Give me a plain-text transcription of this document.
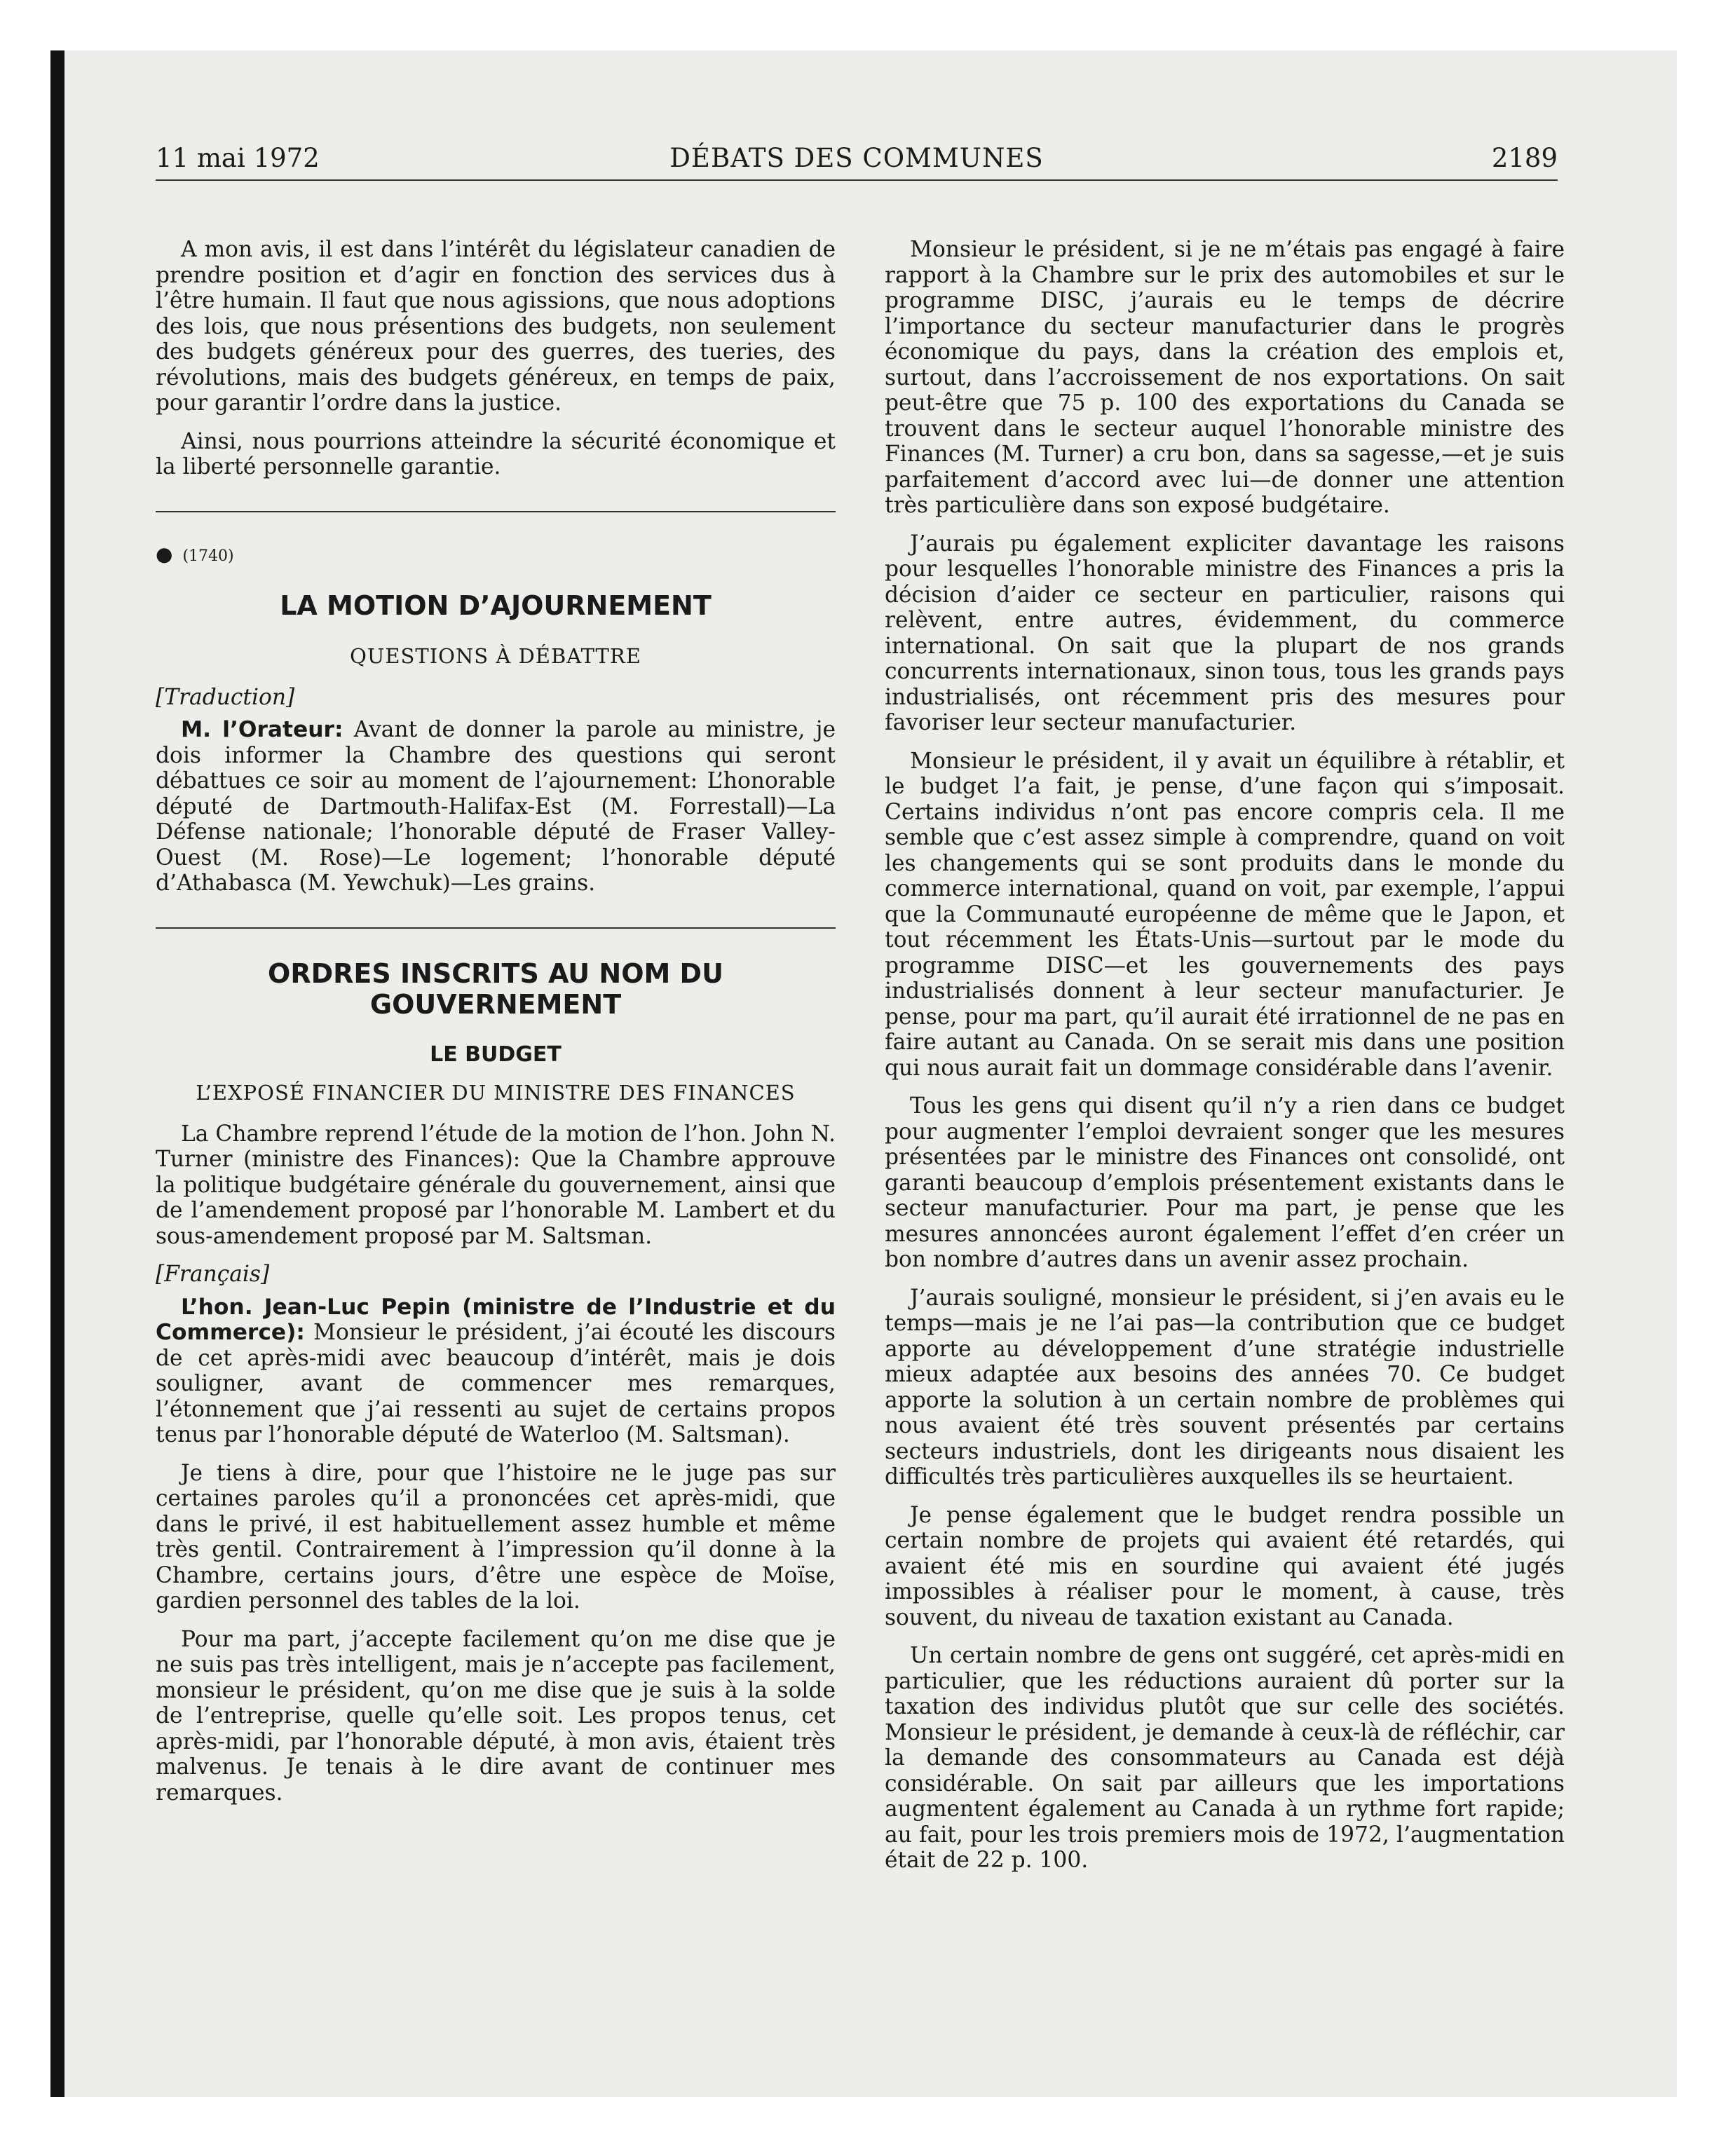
11 mai 1972	DÉBATS DES COMMUNES	2189

A mon avis, il est dans l’intérêt du législateur canadien de prendre position et d’agir en fonction des services dus à l’être humain. Il faut que nous agissions, que nous adoptions des lois, que nous présentions des budgets, non seulement des budgets généreux pour des guerres, des tueries, des révolutions, mais des budgets généreux, en temps de paix, pour garantir l’ordre dans la justice.

Ainsi, nous pourrions atteindre la sécurité économique et la liberté personnelle garantie.

● (1740)
LA MOTION D’AJOURNEMENT
QUESTIONS À DÉBATTRE
[Traduction]

M. l’Orateur: Avant de donner la parole au ministre, je dois informer la Chambre des questions qui seront débattues ce soir au moment de l’ajournement: L’honorable député de Dartmouth-Halifax-Est (M. Forrestall)—La Défense nationale; l’honorable député de Fraser Valley-Ouest (M. Rose)—Le logement; l’honorable député d’Athabasca (M. Yewchuk)—Les grains.

ORDRES INSCRITS AU NOM DU
GOUVERNEMENT
LE BUDGET
L’EXPOSÉ FINANCIER DU MINISTRE DES FINANCES

La Chambre reprend l’étude de la motion de l’hon. John N. Turner (ministre des Finances): Que la Chambre approuve la politique budgétaire générale du gouvernement, ainsi que de l’amendement proposé par l’honorable M. Lambert et du sous-amendement proposé par M. Saltsman.

[Français]

L’hon. Jean-Luc Pepin (ministre de l’Industrie et du Commerce): Monsieur le président, j’ai écouté les discours de cet après-midi avec beaucoup d’intérêt, mais je dois souligner, avant de commencer mes remarques, l’étonnement que j’ai ressenti au sujet de certains propos tenus par l’honorable député de Waterloo (M. Saltsman).

Je tiens à dire, pour que l’histoire ne le juge pas sur certaines paroles qu’il a prononcées cet après-midi, que dans le privé, il est habituellement assez humble et même très gentil. Contrairement à l’impression qu’il donne à la Chambre, certains jours, d’être une espèce de Moïse, gardien personnel des tables de la loi.

Pour ma part, j’accepte facilement qu’on me dise que je ne suis pas très intelligent, mais je n’accepte pas facilement, monsieur le président, qu’on me dise que je suis à la solde de l’entreprise, quelle qu’elle soit. Les propos tenus, cet après-midi, par l’honorable député, à mon avis, étaient très malvenus. Je tenais à le dire avant de continuer mes remarques.

Monsieur le président, si je ne m’étais pas engagé à faire rapport à la Chambre sur le prix des automobiles et sur le programme DISC, j’aurais eu le temps de décrire l’importance du secteur manufacturier dans le progrès économique du pays, dans la création des emplois et, surtout, dans l’accroissement de nos exportations. On sait peut-être que 75 p. 100 des exportations du Canada se trouvent dans le secteur auquel l’honorable ministre des Finances (M. Turner) a cru bon, dans sa sagesse,—et je suis parfaitement d’accord avec lui—de donner une attention très particulière dans son exposé budgétaire.

J’aurais pu également expliciter davantage les raisons pour lesquelles l’honorable ministre des Finances a pris la décision d’aider ce secteur en particulier, raisons qui relèvent, entre autres, évidemment, du commerce international. On sait que la plupart de nos grands concurrents internationaux, sinon tous, tous les grands pays industrialisés, ont récemment pris des mesures pour favoriser leur secteur manufacturier.

Monsieur le président, il y avait un équilibre à rétablir, et le budget l’a fait, je pense, d’une façon qui s’imposait. Certains individus n’ont pas encore compris cela. Il me semble que c’est assez simple à comprendre, quand on voit les changements qui se sont produits dans le monde du commerce international, quand on voit, par exemple, l’appui que la Communauté européenne de même que le Japon, et tout récemment les États-Unis—surtout par le mode du programme DISC—et les gouvernements des pays industrialisés donnent à leur secteur manufacturier. Je pense, pour ma part, qu’il aurait été irrationnel de ne pas en faire autant au Canada. On se serait mis dans une position qui nous aurait fait un dommage considérable dans l’avenir.

Tous les gens qui disent qu’il n’y a rien dans ce budget pour augmenter l’emploi devraient songer que les mesures présentées par le ministre des Finances ont consolidé, ont garanti beaucoup d’emplois présentement existants dans le secteur manufacturier. Pour ma part, je pense que les mesures annoncées auront également l’effet d’en créer un bon nombre d’autres dans un avenir assez prochain.

J’aurais souligné, monsieur le président, si j’en avais eu le temps—mais je ne l’ai pas—la contribution que ce budget apporte au développement d’une stratégie industrielle mieux adaptée aux besoins des années 70. Ce budget apporte la solution à un certain nombre de problèmes qui nous avaient été très souvent présentés par certains secteurs industriels, dont les dirigeants nous disaient les difficultés très particulières auxquelles ils se heurtaient.

Je pense également que le budget rendra possible un certain nombre de projets qui avaient été retardés, qui avaient été mis en sourdine qui avaient été jugés impossibles à réaliser pour le moment, à cause, très souvent, du niveau de taxation existant au Canada.

Un certain nombre de gens ont suggéré, cet après-midi en particulier, que les réductions auraient dû porter sur la taxation des individus plutôt que sur celle des sociétés. Monsieur le président, je demande à ceux-là de réfléchir, car la demande des consommateurs au Canada est déjà considérable. On sait par ailleurs que les importations augmentent également au Canada à un rythme fort rapide; au fait, pour les trois premiers mois de 1972, l’augmentation était de 22 p. 100.
